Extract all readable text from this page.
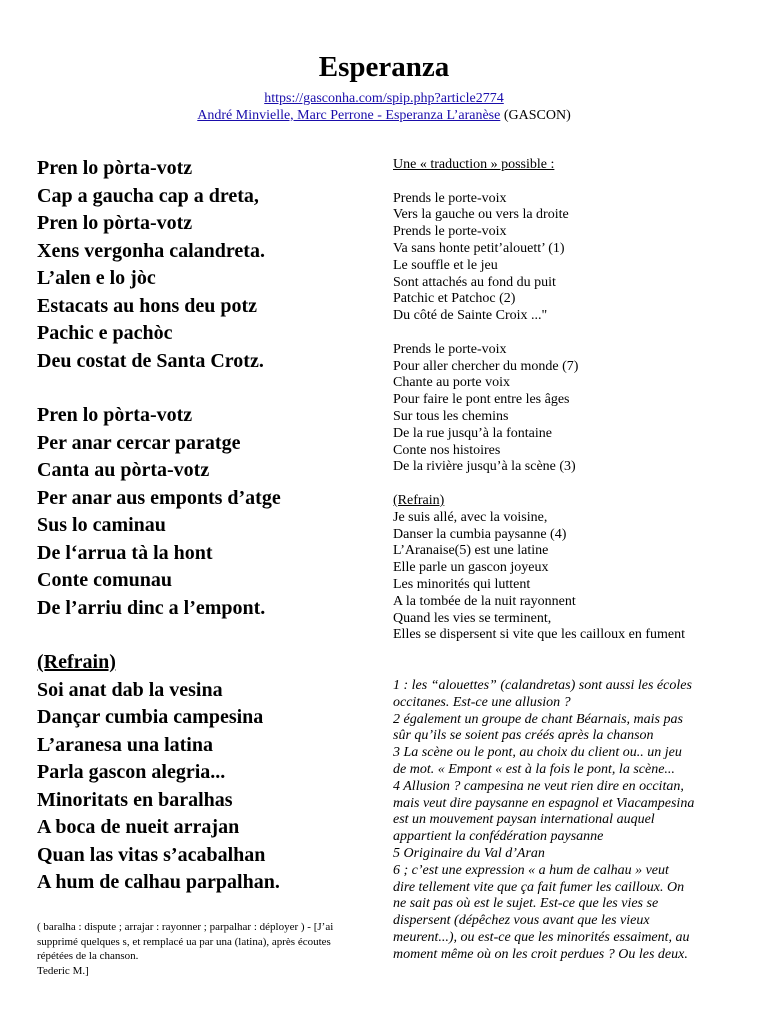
Esperanza
https://gasconha.com/spip.php?article2774
André Minvielle, Marc Perrone - Esperanza L’aranèse (GASCON)
Pren lo pòrta-votz
Cap a gaucha cap a dreta,
Pren lo pòrta-votz
Xens vergonha calandreta.
L’alen e lo jòc
Estacats au hons deu potz
Pachic e pachòc
Deu costat de Santa Crotz.
Pren lo pòrta-votz
Per anar cercar paratge
Canta au pòrta-votz
Per anar aus emponts d’atge
Sus lo caminau
De l‘arrua tà la hont
Conte comunau
De l’arriu dinc a l’empont.
(Refrain)
Soi anat dab la vesina
Dançar cumbia campesina
L’aranesa una latina
Parla gascon alegria...
Minoritats en baralhas
A boca de nueit arrajan
Quan las vitas s’acabalhan
A hum de calhau parpalhan.
( baralha : dispute ; arrajar : rayonner ; parpalhar : déployer ) - [J’ai
supprimé quelques s, et remplacé ua par una (latina), après écoutes
répétées de la chanson.
Tederic M.]
Une « traduction » possible :
Prends le porte-voix
Vers la gauche ou vers la droite
Prends le porte-voix
Va sans honte petit’alouett’ (1)
Le souffle et le jeu
Sont attachés au fond du puit
Patchic et Patchoc (2)
Du côté de Sainte Croix ..."
Prends le porte-voix
Pour aller chercher du monde (7)
Chante au porte voix
Pour faire le pont entre les âges
Sur tous les chemins
De la rue jusqu’à la fontaine
Conte nos histoires
De la rivière jusqu’à la scène (3)
(Refrain)
Je suis allé, avec la voisine,
Danser la cumbia paysanne (4)
L’Aranaise(5) est une latine
Elle parle un gascon joyeux
Les minorités qui luttent
A la tombée de la nuit rayonnent
Quand les vies se terminent,
Elles se dispersent si vite que les cailloux en fument
1 : les “alouettes” (calandretas) sont aussi les écoles
occitanes. Est-ce une allusion ?
2 également un groupe de chant Béarnais, mais pas
sûr qu’ils se soient pas créés après la chanson
3 La scène ou le pont, au choix du client ou.. un jeu
de mot. « Empont « est à la fois le pont, la scène...
4 Allusion ? campesina ne veut rien dire en occitan,
mais veut dire paysanne en espagnol et Viacampesina
est un mouvement paysan international auquel
appartient la confédération paysanne
5 Originaire du Val d’Aran
6 ; c’est une expression « a hum de calhau » veut
dire tellement vite que ça fait fumer les cailloux. On
ne sait pas où est le sujet. Est-ce que les vies se
dispersent (dépêchez vous avant que les vieux
meurent...), ou est-ce que les minorités essaiment, au
moment même où on les croit perdues ? Ou les deux.
